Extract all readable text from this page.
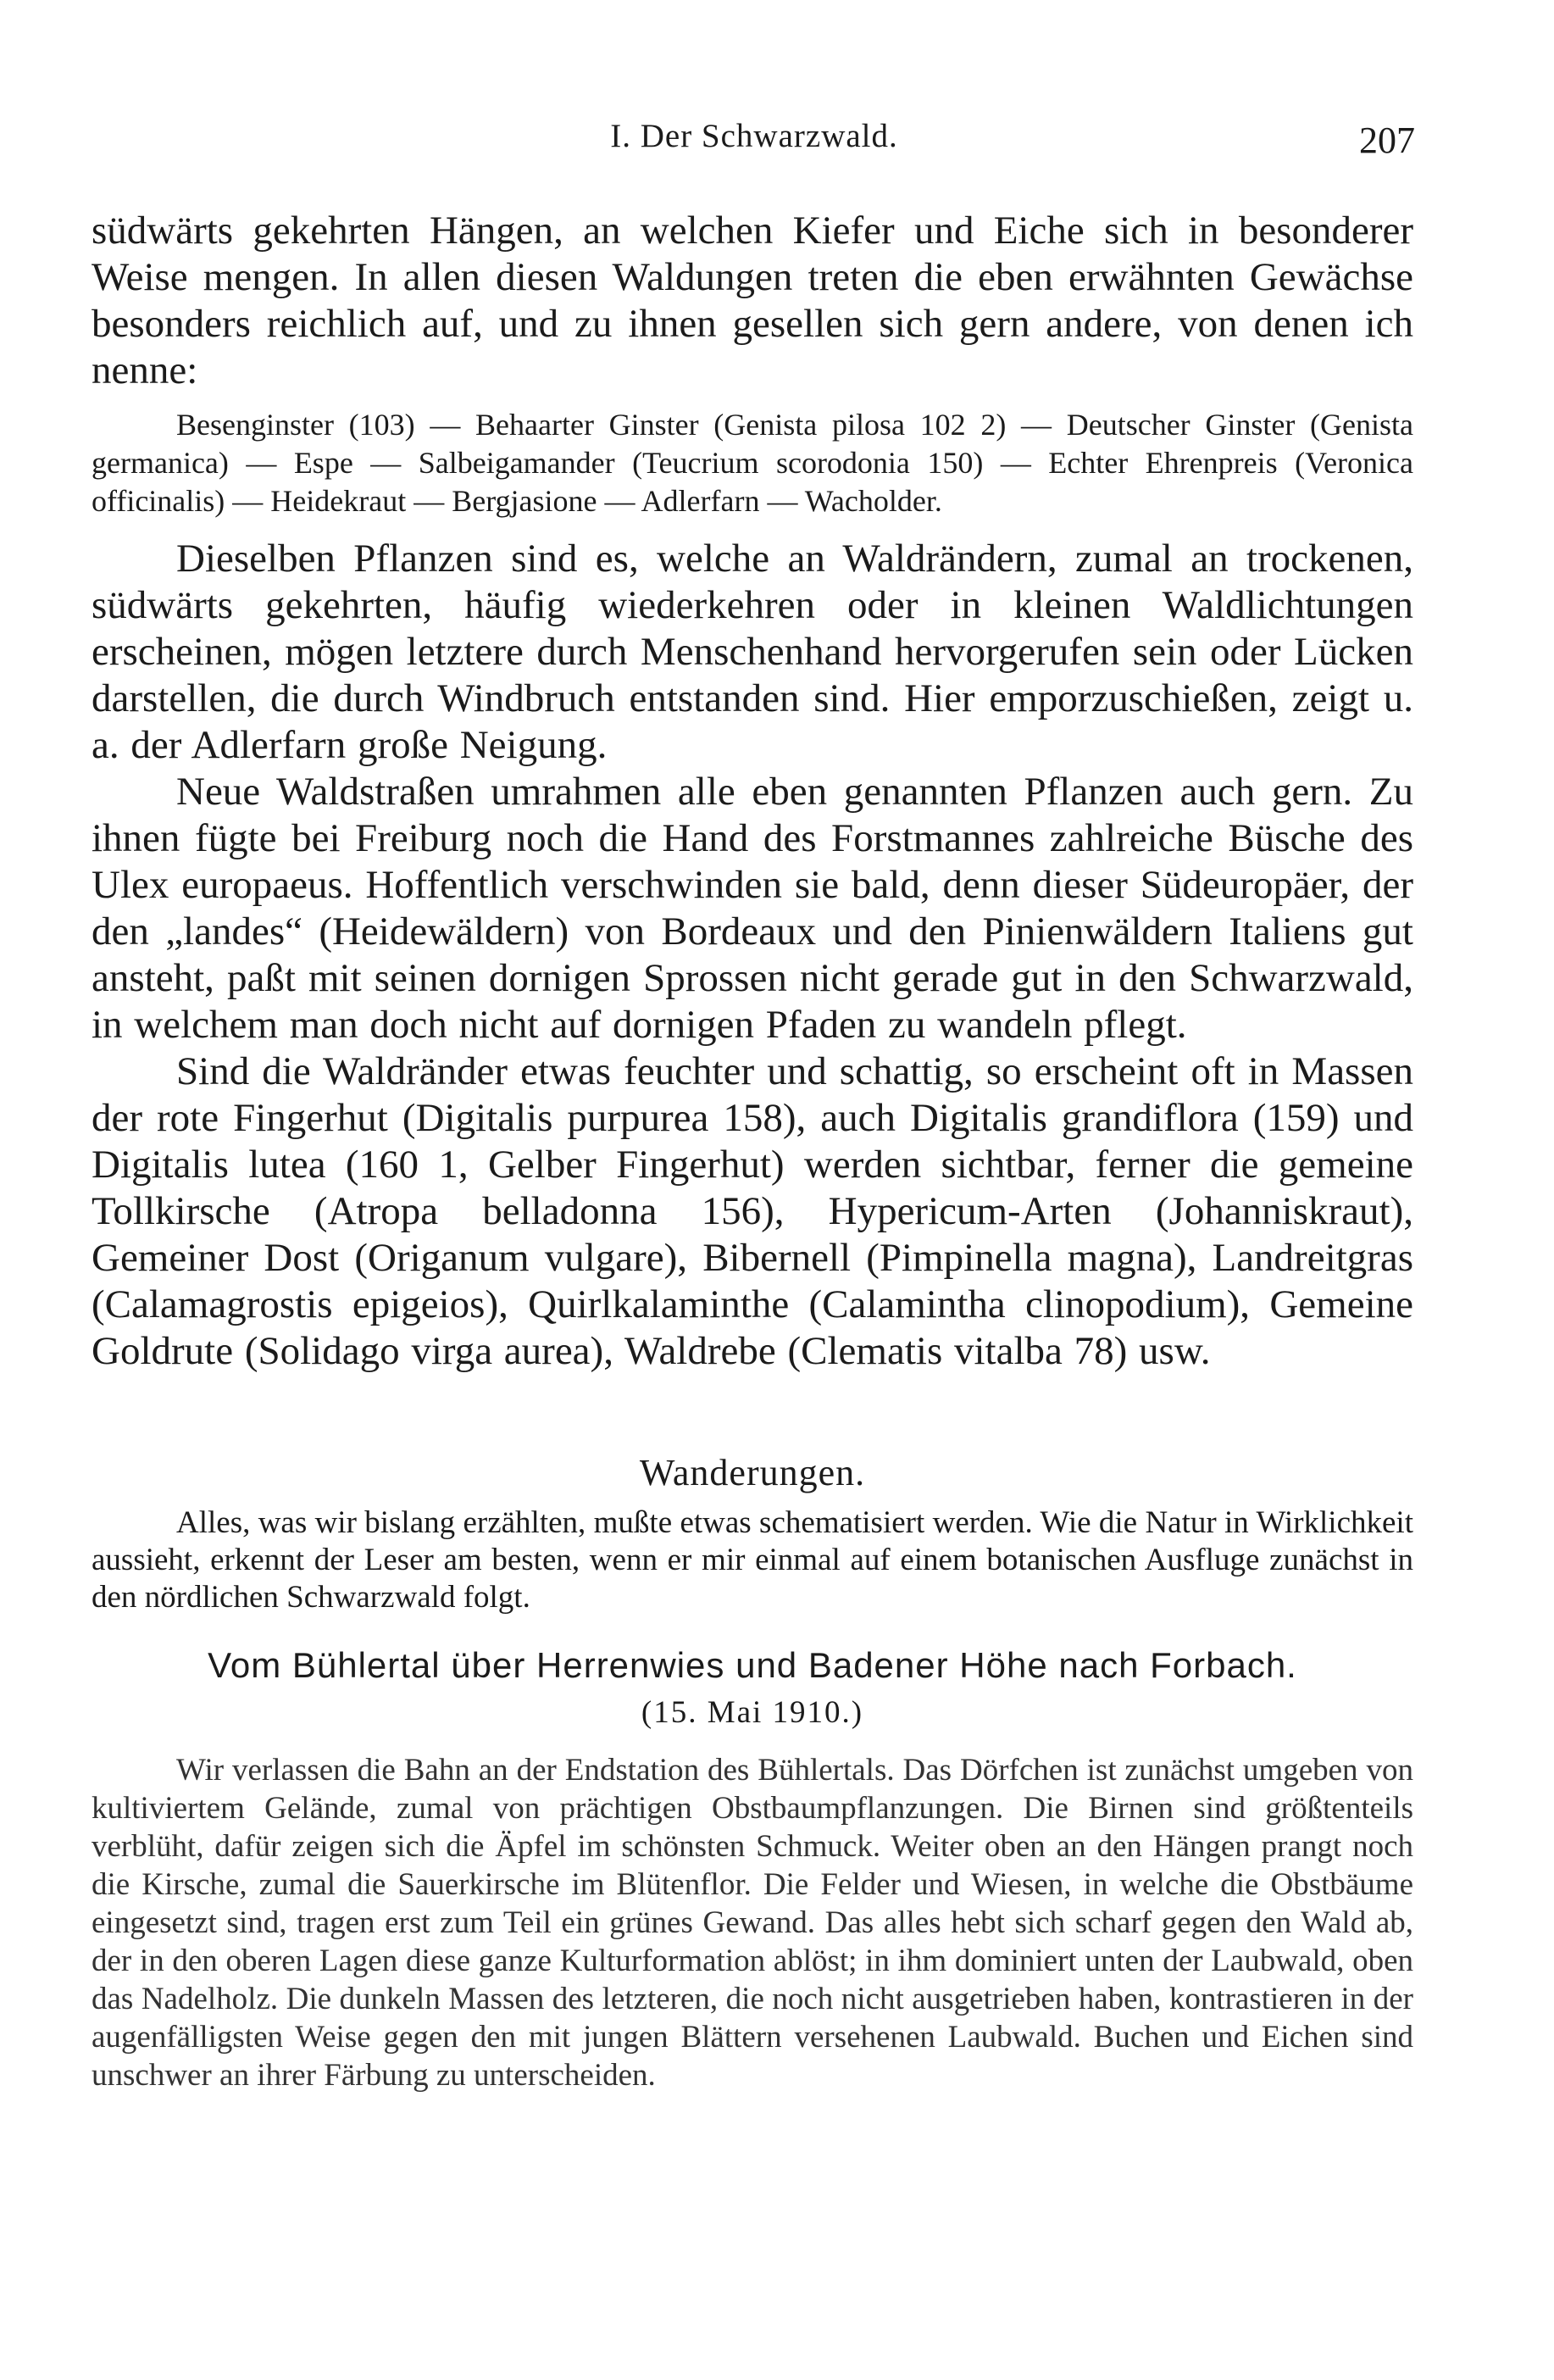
I. Der Schwarzwald.	207

südwärts gekehrten Hängen, an welchen Kiefer und Eiche sich in besonderer Weise mengen. In allen diesen Waldungen treten die eben erwähnten Gewächse besonders reichlich auf, und zu ihnen gesellen sich gern andere, von denen ich nenne:

Besenginster (103) — Behaarter Ginster (Genista pilosa 102 2) — Deutscher Ginster (Genista germanica) — Espe — Salbeigamander (Teucrium scorodonia 150) — Echter Ehrenpreis (Veronica officinalis) — Heidekraut — Bergjasione — Adlerfarn — Wacholder.

Dieselben Pflanzen sind es, welche an Waldrändern, zumal an trockenen, südwärts gekehrten, häufig wiederkehren oder in kleinen Waldlichtungen erscheinen, mögen letztere durch Menschenhand hervorgerufen sein oder Lücken darstellen, die durch Windbruch entstanden sind. Hier emporzuschießen, zeigt u. a. der Adlerfarn große Neigung.

Neue Waldstraßen umrahmen alle eben genannten Pflanzen auch gern. Zu ihnen fügte bei Freiburg noch die Hand des Forstmannes zahlreiche Büsche des Ulex europaeus. Hoffentlich verschwinden sie bald, denn dieser Südeuropäer, der den „landes“ (Heidewäldern) von Bordeaux und den Pinienwäldern Italiens gut ansteht, paßt mit seinen dornigen Sprossen nicht gerade gut in den Schwarzwald, in welchem man doch nicht auf dornigen Pfaden zu wandeln pflegt.

Sind die Waldränder etwas feuchter und schattig, so erscheint oft in Massen der rote Fingerhut (Digitalis purpurea 158), auch Digitalis grandiflora (159) und Digitalis lutea (160 1, Gelber Fingerhut) werden sichtbar, ferner die gemeine Tollkirsche (Atropa belladonna 156), Hypericum-Arten (Johanniskraut), Gemeiner Dost (Origanum vulgare), Bibernell (Pimpinella magna), Landreitgras (Calamagrostis epigeios), Quirlkalaminthe (Calamintha clinopodium), Gemeine Goldrute (Solidago virga aurea), Waldrebe (Clematis vitalba 78) usw.

Wanderungen.

Alles, was wir bislang erzählten, mußte etwas schematisiert werden. Wie die Natur in Wirklichkeit aussieht, erkennt der Leser am besten, wenn er mir einmal auf einem botanischen Ausfluge zunächst in den nördlichen Schwarzwald folgt.

Vom Bühlertal über Herrenwies und Badener Höhe nach Forbach.
(15. Mai 1910.)

Wir verlassen die Bahn an der Endstation des Bühlertals. Das Dörfchen ist zunächst umgeben von kultiviertem Gelände, zumal von prächtigen Obstbaumpflanzungen. Die Birnen sind größtenteils verblüht, dafür zeigen sich die Äpfel im schönsten Schmuck. Weiter oben an den Hängen prangt noch die Kirsche, zumal die Sauerkirsche im Blütenflor. Die Felder und Wiesen, in welche die Obstbäume eingesetzt sind, tragen erst zum Teil ein grünes Gewand. Das alles hebt sich scharf gegen den Wald ab, der in den oberen Lagen diese ganze Kulturformation ablöst; in ihm dominiert unten der Laubwald, oben das Nadelholz. Die dunkeln Massen des letzteren, die noch nicht ausgetrieben haben, kontrastieren in der augenfälligsten Weise gegen den mit jungen Blättern versehenen Laubwald. Buchen und Eichen sind unschwer an ihrer Färbung zu unterscheiden.
